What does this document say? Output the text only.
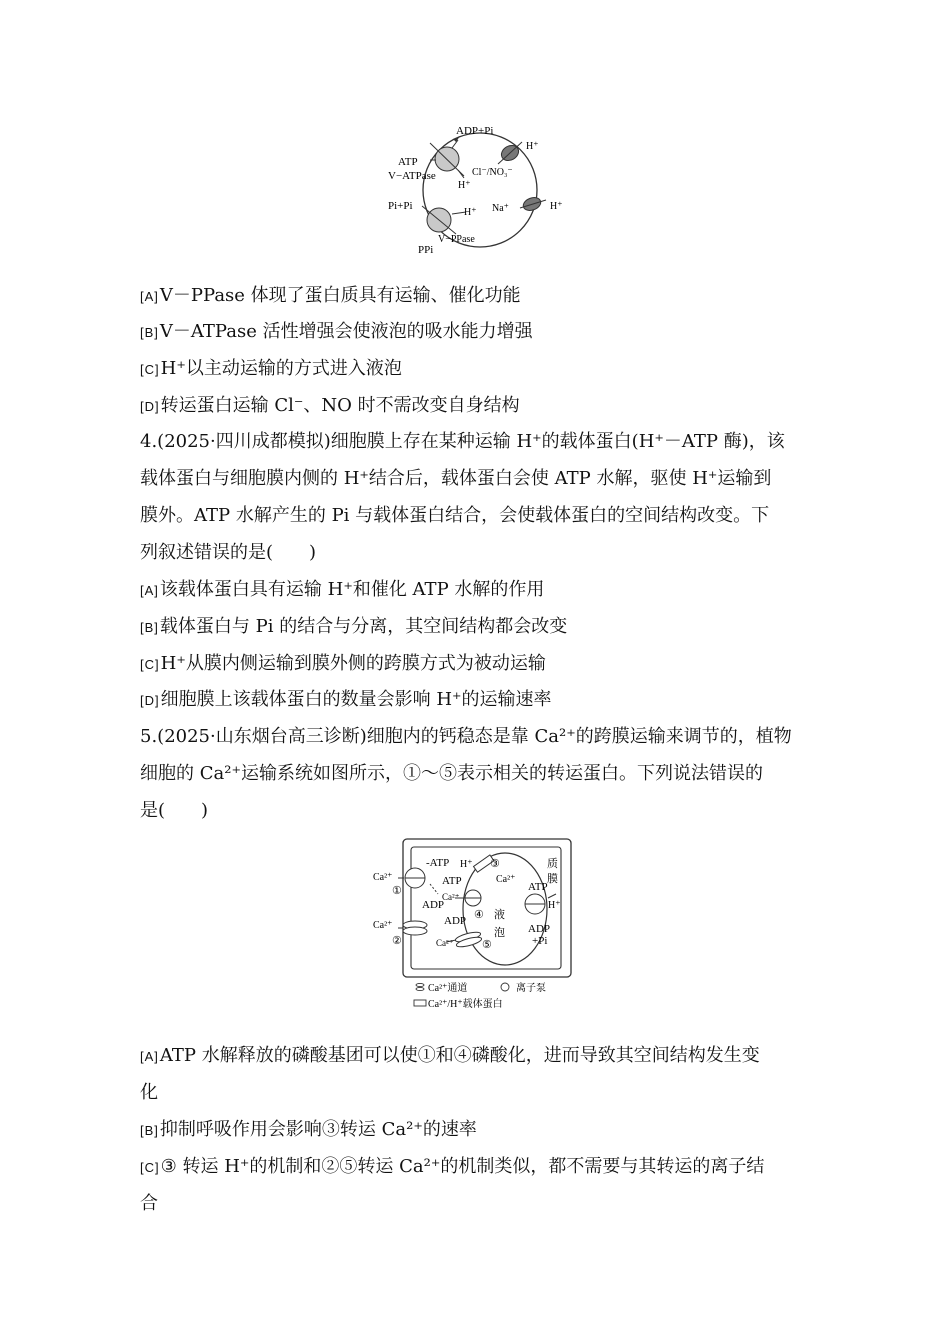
ADP+Pi
ATP
V−ATPase
H⁺
H⁺
Cl⁻/NO₃⁻
Na⁺	H⁺
Pi+Pi
H⁺
V−PPase
PPi
[A]V－PPase 体现了蛋白质具有运输、催化功能
[B]V－ATPase 活性增强会使液泡的吸水能力增强
[C]H⁺以主动运输的方式进入液泡
[D]转运蛋白运输 Cl⁻、NO 时不需改变自身结构
4.(2025·四川成都模拟)细胞膜上存在某种运输 H⁺的载体蛋白(H⁺－ATP 酶)，该
载体蛋白与细胞膜内侧的 H⁺结合后，载体蛋白会使 ATP 水解，驱使 H⁺运输到
膜外。ATP 水解产生的 Pi 与载体蛋白结合，会使载体蛋白的空间结构改变。下
列叙述错误的是(　　)
[A]该载体蛋白具有运输 H⁺和催化 ATP 水解的作用
[B]载体蛋白与 Pi 的结合与分离，其空间结构都会改变
[C]H⁺从膜内侧运输到膜外侧的跨膜方式为被动运输
[D]细胞膜上该载体蛋白的数量会影响 H⁺的运输速率
5.(2025·山东烟台高三诊断)细胞内的钙稳态是靠 Ca²⁺的跨膜运输来调节的，植物
细胞的 Ca²⁺运输系统如图所示，①～⑤表示相关的转运蛋白。下列说法错误的
是(　　)
质
膜
Ca²⁺
①
Ca²⁺
②
-ATP H⁺ ③
Ca²⁺
ATP
ADP
Ca²⁺
④
ADP	液
泡
Ca²⁺	⑤
ATP
H⁺
ADP
+Pi
Ca²⁺通道	离子泵
Ca²⁺/H⁺载体蛋白
[A]ATP 水解释放的磷酸基团可以使①和④磷酸化，进而导致其空间结构发生变
化
[B]抑制呼吸作用会影响③转运 Ca²⁺的速率
[C]③ 转运 H⁺的机制和②⑤转运 Ca²⁺的机制类似，都不需要与其转运的离子结
合
